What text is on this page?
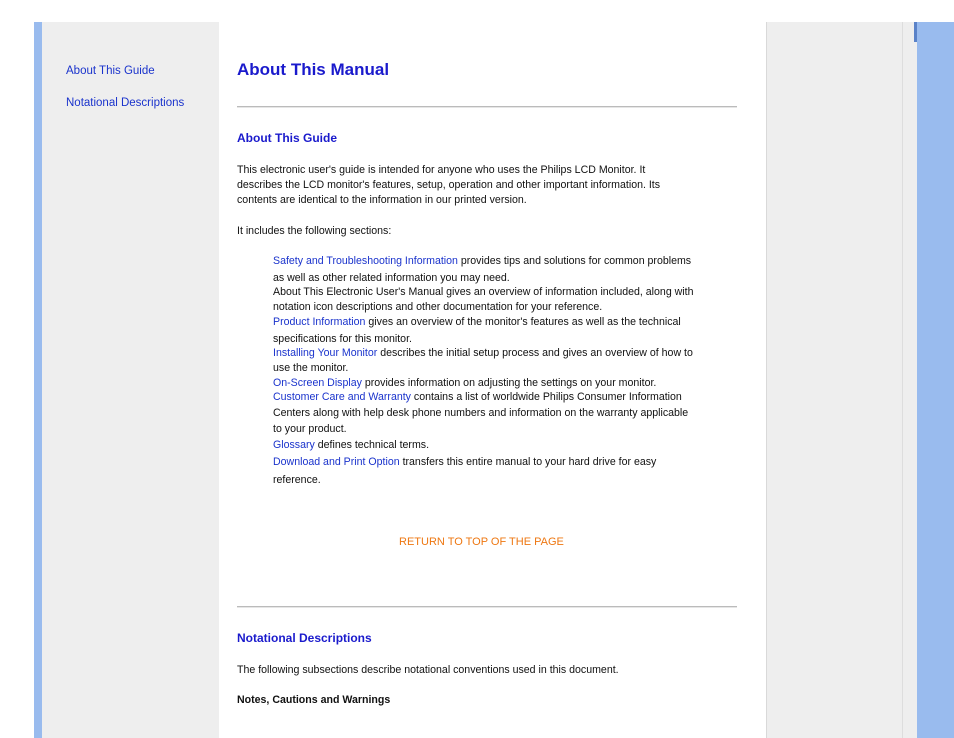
About This Guide
Notational Descriptions
About This Manual
About This Guide
This electronic user's guide is intended for anyone who uses the Philips LCD Monitor. It
describes the LCD monitor's features, setup, operation and other important information. Its
contents are identical to the information in our printed version.
It includes the following sections:
Safety and Troubleshooting Information provides tips and solutions for common problems
as well as other related information you may need.
About This Electronic User's Manual gives an overview of information included, along with
notation icon descriptions and other documentation for your reference.
Product Information gives an overview of the monitor's features as well as the technical
specifications for this monitor.
Installing Your Monitor describes the initial setup process and gives an overview of how to
use the monitor.
On-Screen Display provides information on adjusting the settings on your monitor.
Customer Care and Warranty contains a list of worldwide Philips Consumer Information
Centers along with help desk phone numbers and information on the warranty applicable
to your product.
Glossary defines technical terms.
Download and Print Option transfers this entire manual to your hard drive for easy
reference.
RETURN TO TOP OF THE PAGE
Notational Descriptions
The following subsections describe notational conventions used in this document.
Notes, Cautions and Warnings
